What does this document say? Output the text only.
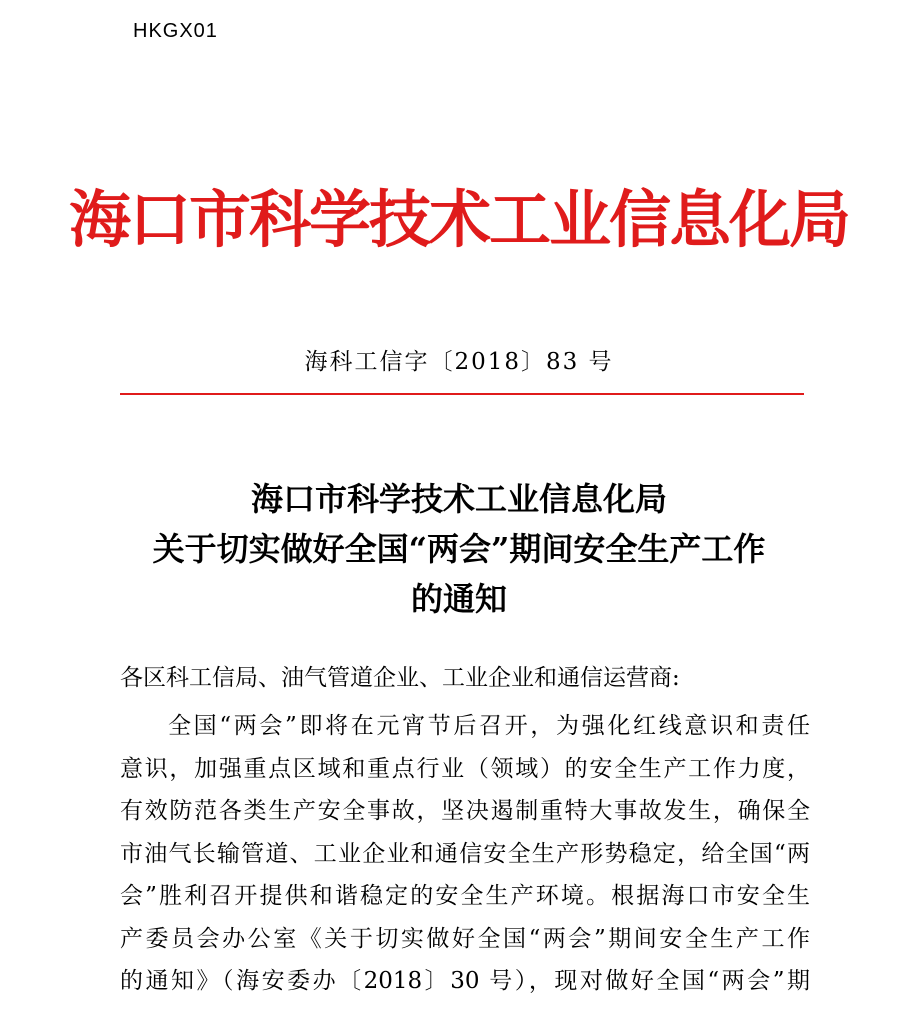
HKGX01
海口市科学技术工业信息化局
海科工信字〔2018〕83 号
海口市科学技术工业信息化局
关于切实做好全国“两会”期间安全生产工作
的通知
各区科工信局、油气管道企业、工业企业和通信运营商:
全国“两会”即将在元宵节后召开，为强化红线意识和责任
意识，加强重点区域和重点行业（领域）的安全生产工作力度，
有效防范各类生产安全事故，坚决遏制重特大事故发生，确保全
市油气长输管道、工业企业和通信安全生产形势稳定，给全国“两
会”胜利召开提供和谐稳定的安全生产环境。根据海口市安全生
产委员会办公室《关于切实做好全国“两会”期间安全生产工作
的通知》（海安委办〔2018〕30 号），现对做好全国“两会”期
